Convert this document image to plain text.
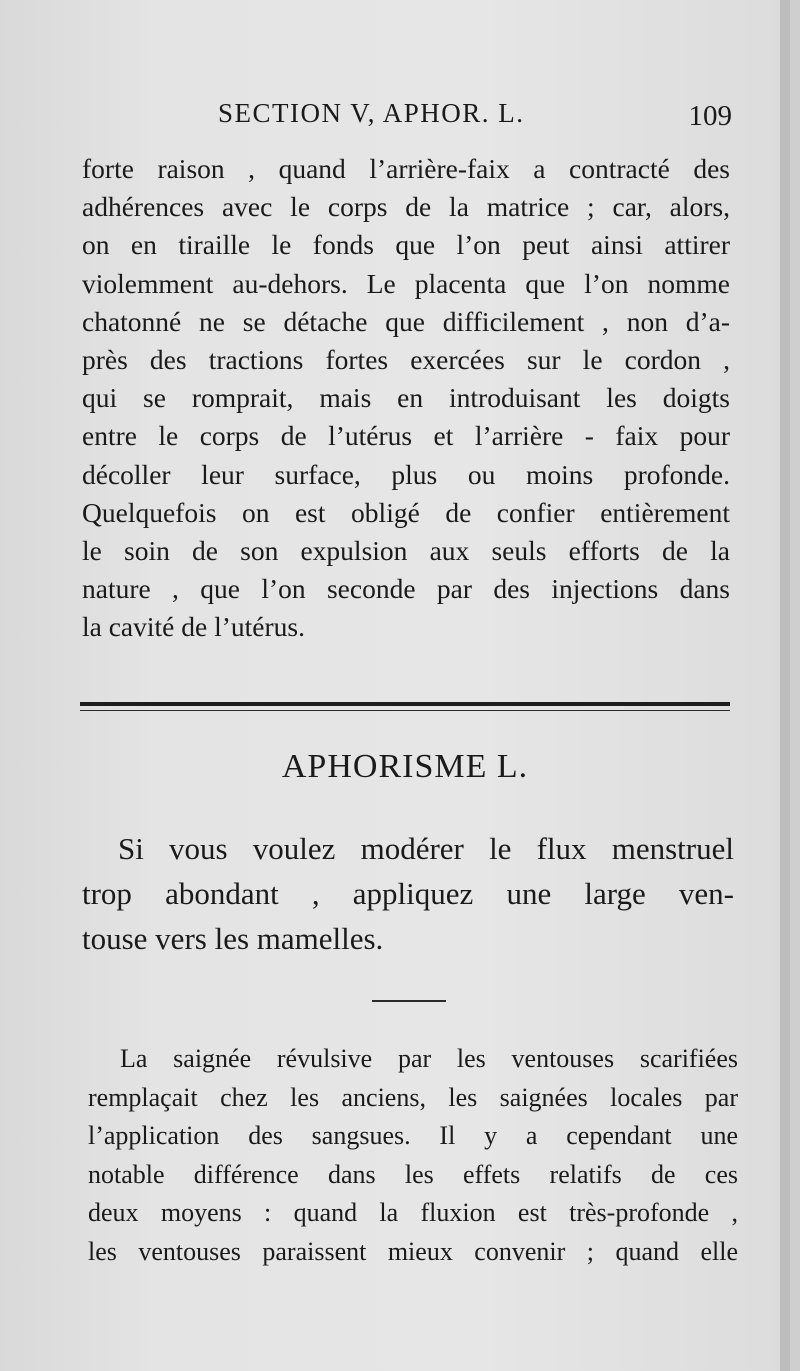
SECTION V, APHOR. L.	109

forte raison , quand l’arrière-faix a contracté des
adhérences avec le corps de la matrice ; car, alors,
on en tiraille le fonds que l’on peut ainsi attirer
violemment au-dehors. Le placenta que l’on nomme
chatonné ne se détache que difficilement , non d’a-
près des tractions fortes exercées sur le cordon ,
qui se romprait, mais en introduisant les doigts
entre le corps de l’utérus et l’arrière - faix pour
décoller leur surface, plus ou moins profonde.
Quelquefois on est obligé de confier entièrement
le soin de son expulsion aux seuls efforts de la
nature , que l’on seconde par des injections dans
la cavité de l’utérus.

APHORISME L.
Si vous voulez modérer le flux menstruel
trop abondant , appliquez une large ven-
touse vers les mamelles.

La saignée révulsive par les ventouses scarifiées
remplaçait chez les anciens, les saignées locales par
l’application des sangsues. Il y a cependant une
notable différence dans les effets relatifs de ces
deux moyens : quand la fluxion est très-profonde ,
les ventouses paraissent mieux convenir ; quand elle
